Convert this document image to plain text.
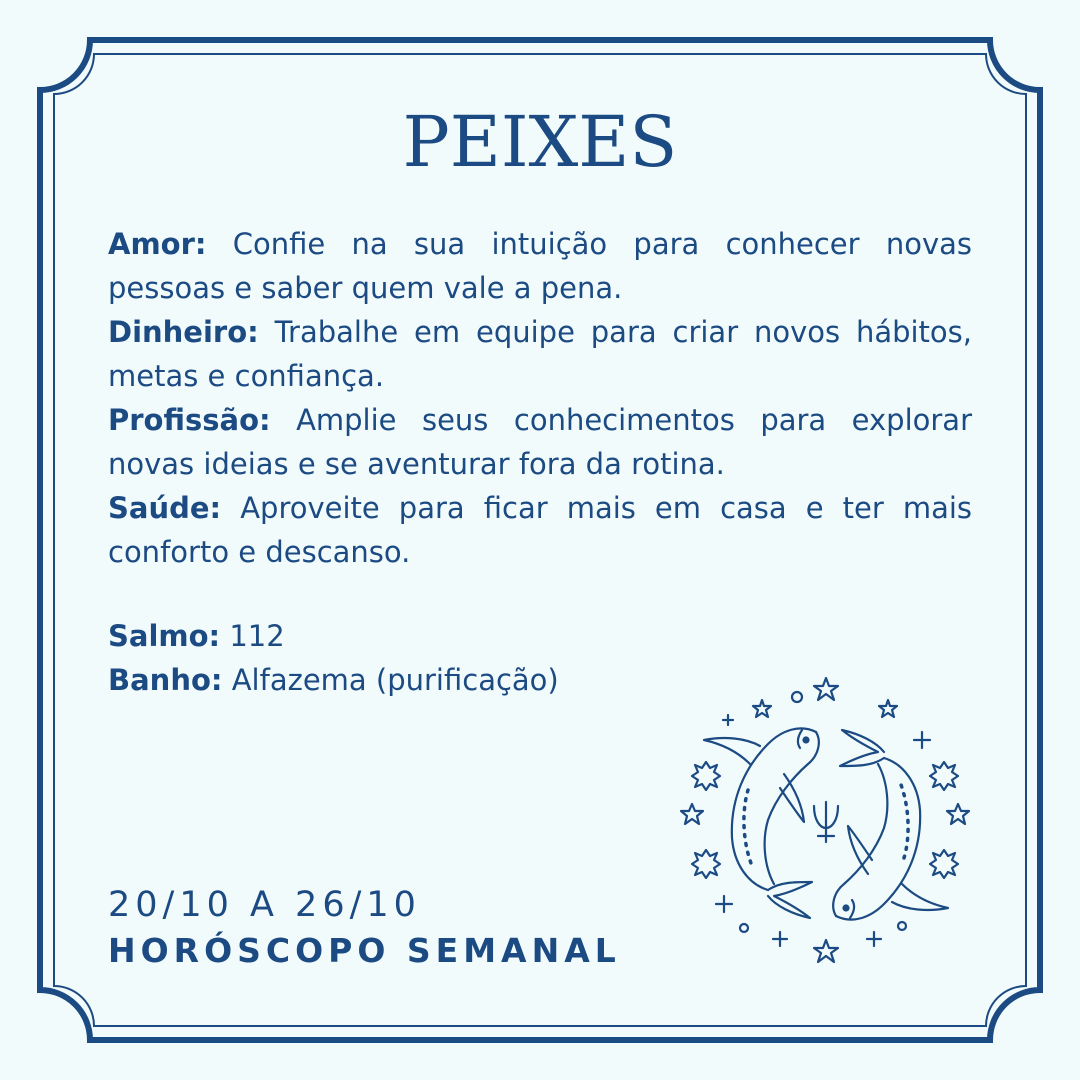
PEIXES

Amor: Confie na sua intuição para conhecer novas pessoas e saber quem vale a pena.

Dinheiro: Trabalhe em equipe para criar novos hábitos, metas e confiança.

Profissão: Amplie seus conhecimentos para explorar novas ideias e se aventurar fora da rotina.

Saúde: Aproveite para ficar mais em casa e ter mais conforto e descanso.

Salmo: 112

Banho: Alfazema (purificação)

20/10 A 26/10

HORÓSCOPO SEMANAL
